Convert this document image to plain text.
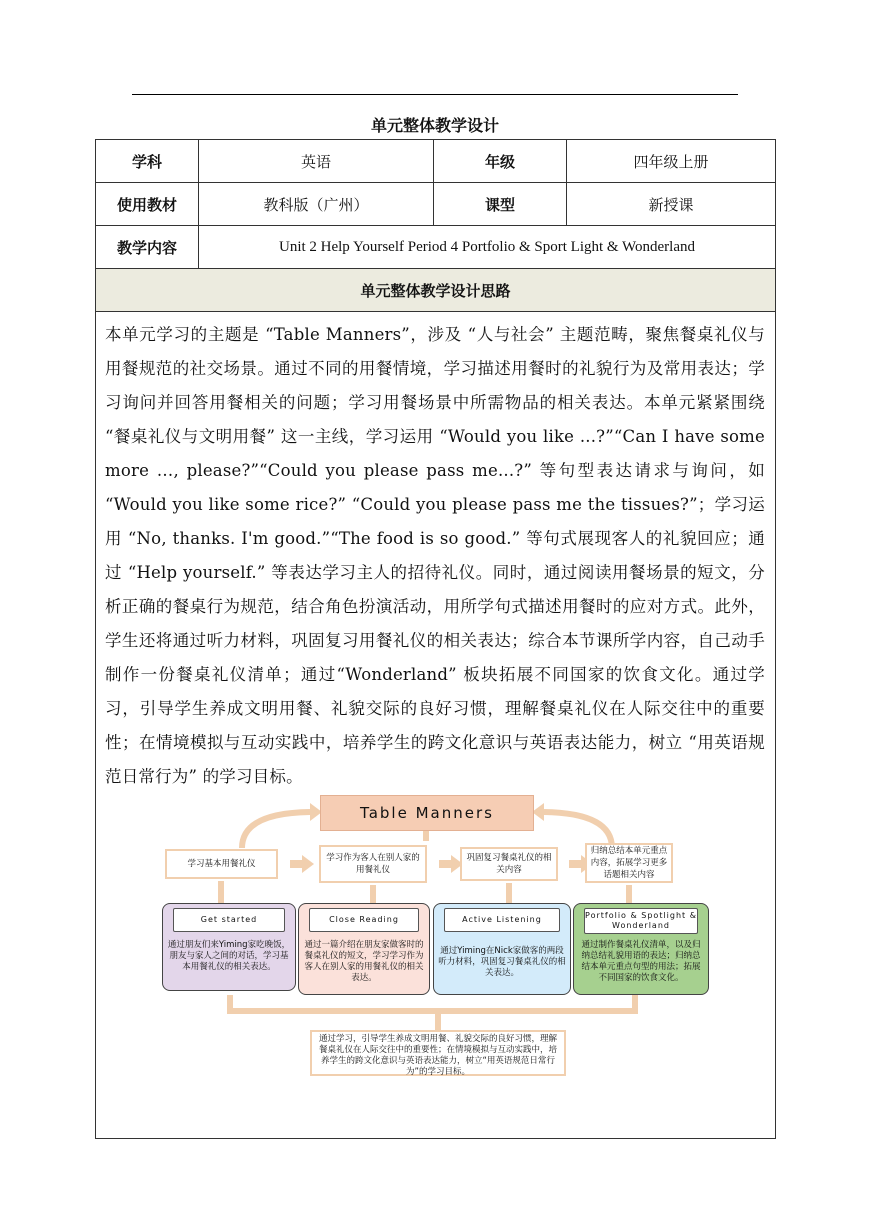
单元整体教学设计
学科	英语	年级	四年级上册
使用教材	教科版（广州）	课型	新授课
教学内容	Unit 2 Help Yourself Period 4 Portfolio & Sport Light & Wonderland		
单元整体教学设计思路			

本单元学习的主题是 “Table Manners”，涉及 “人与社会” 主题范畴，聚焦餐桌礼仪与用餐规范的社交场景。通过不同的用餐情境，学习描述用餐时的礼貌行为及常用表达；学习询问并回答用餐相关的问题；学习用餐场景中所需物品的相关表达。本单元紧紧围绕 “餐桌礼仪与文明用餐” 这一主线，学习运用 “Would you like ...?”“Can I have some more …, please?”“Could you please pass me...?” 等句型表达请求与询问，如 “Would you like some rice?” “Could you please pass me the tissues?”；学习运用 “No, thanks. I'm good.”“The food is so good.” 等句式展现客人的礼貌回应；通过 “Help yourself.” 等表达学习主人的招待礼仪。同时，通过阅读用餐场景的短文，分析正确的餐桌行为规范，结合角色扮演活动，用所学句式描述用餐时的应对方式。此外，学生还将通过听力材料，巩固复习用餐礼仪的相关表达；综合本节课所学内容，自己动手制作一份餐桌礼仪清单；通过“Wonderland” 板块拓展不同国家的饮食文化。通过学习，引导学生养成文明用餐、礼貌交际的良好习惯，理解餐桌礼仪在人际交往中的重要性；在情境模拟与互动实践中，培养学生的跨文化意识与英语表达能力，树立 “用英语规范日常行为” 的学习目标。			

Table Manners
学习基本用餐礼仪
学习作为客人在别人家的用餐礼仪
巩固复习餐桌礼仪的相关内容
归纳总结本单元重点内容，拓展学习更多话题相关内容
Get started
通过朋友们来Yiming家吃晚饭，朋友与家人之间的对话，学习基本用餐礼仪的相关表达。
Close Reading
通过一篇介绍在朋友家做客时的餐桌礼仪的短文，学习学习作为客人在别人家的用餐礼仪的相关表达。
Active Listening
通过Yiming在Nick家做客的两段听力材料，巩固复习餐桌礼仪的相关表达。
Portfolio & Spotlight & Wonderland
通过制作餐桌礼仪清单，以及归纳总结礼貌用语的表达；归纳总结本单元重点句型的用法；拓展不同国家的饮食文化。
通过学习，引导学生养成文明用餐、礼貌交际的良好习惯，理解餐桌礼仪在人际交往中的重要性；在情境模拟与互动实践中，培养学生的跨文化意识与英语表达能力，树立“用英语规范日常行为”的学习目标。
